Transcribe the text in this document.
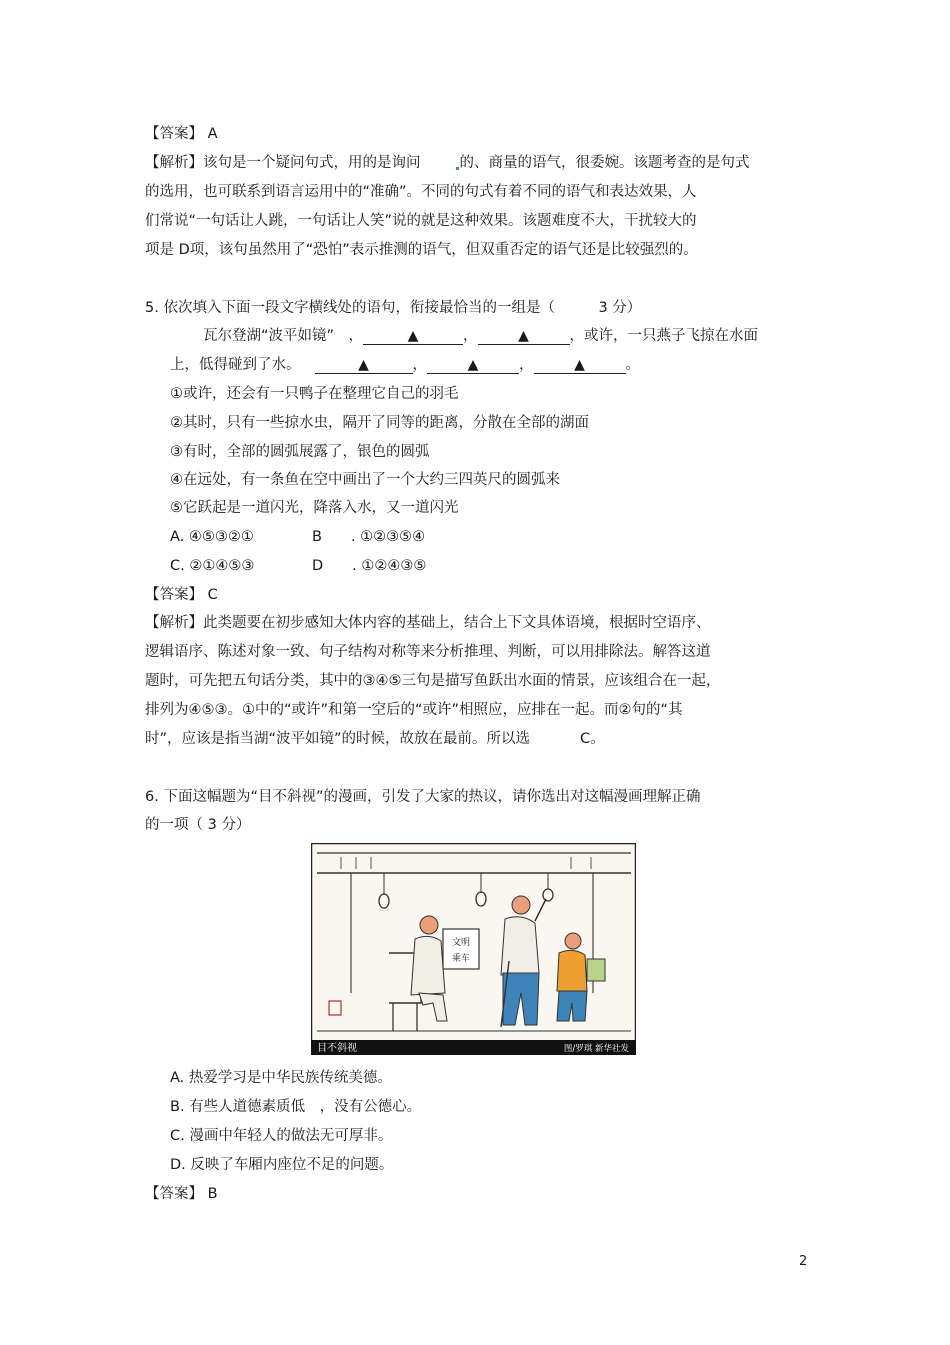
【答案】 A
【解析】该句是一个疑问句式，用的是询问	的、商量的语气，很委婉。该题考查的是句式
的选用，也可联系到语言运用中的“准确”。不同的句式有着不同的语气和表达效果，人
们常说“一句话让人跳，一句话让人笑”说的就是这种效果。该题难度不大，干扰较大的
项是 D项，该句虽然用了“恐怕”表示推测的语气，但双重否定的语气还是比较强烈的。
5. 依次填入下面一段文字横线处的语句，衔接最恰当的一组是（　　　3 分）
瓦尔登湖“波平如镜”　，	▲	，	▲	，或许，一只燕子飞掠在水面
上，低得碰到了水。	▲	，	▲	，	▲	。
①或许，还会有一只鸭子在整理它自己的羽毛
②其时，只有一些掠水虫，隔开了同等的距离，分散在全部的湖面
③有时，全部的圆弧展露了，银色的圆弧
④在远处，有一条鱼在空中画出了一个大约三四英尺的圆弧来
⑤它跃起是一道闪光，降落入水，又一道闪光
A. ④⑤③②①	B　　. ①②③⑤④
C. ②①④⑤③	D　　. ①②④③⑤
【答案】 C
【解析】此类题要在初步感知大体内容的基础上，结合上下文具体语境，根据时空语序、
逻辑语序、陈述对象一致、句子结构对称等来分析推理、判断，可以用排除法。解答这道
题时，可先把五句话分类，其中的③④⑤三句是描写鱼跃出水面的情景，应该组合在一起，
排列为④⑤③。①中的“或许”和第一空后的“或许”相照应，应排在一起。而②句的“其
时”，应该是指当湖“波平如镜”的时候，故放在最前。所以选	C。
6. 下面这幅题为“目不斜视”的漫画，引发了大家的热议，请你选出对这幅漫画理解正确
的一项（ 3 分）
文明
乘车
目不斜视	图/罗琪 新华社发
A. 热爱学习是中华民族传统美德。
B. 有些人道德素质低　，没有公德心。
C. 漫画中年轻人的做法无可厚非。
D. 反映了车厢内座位不足的问题。
【答案】 B
2
